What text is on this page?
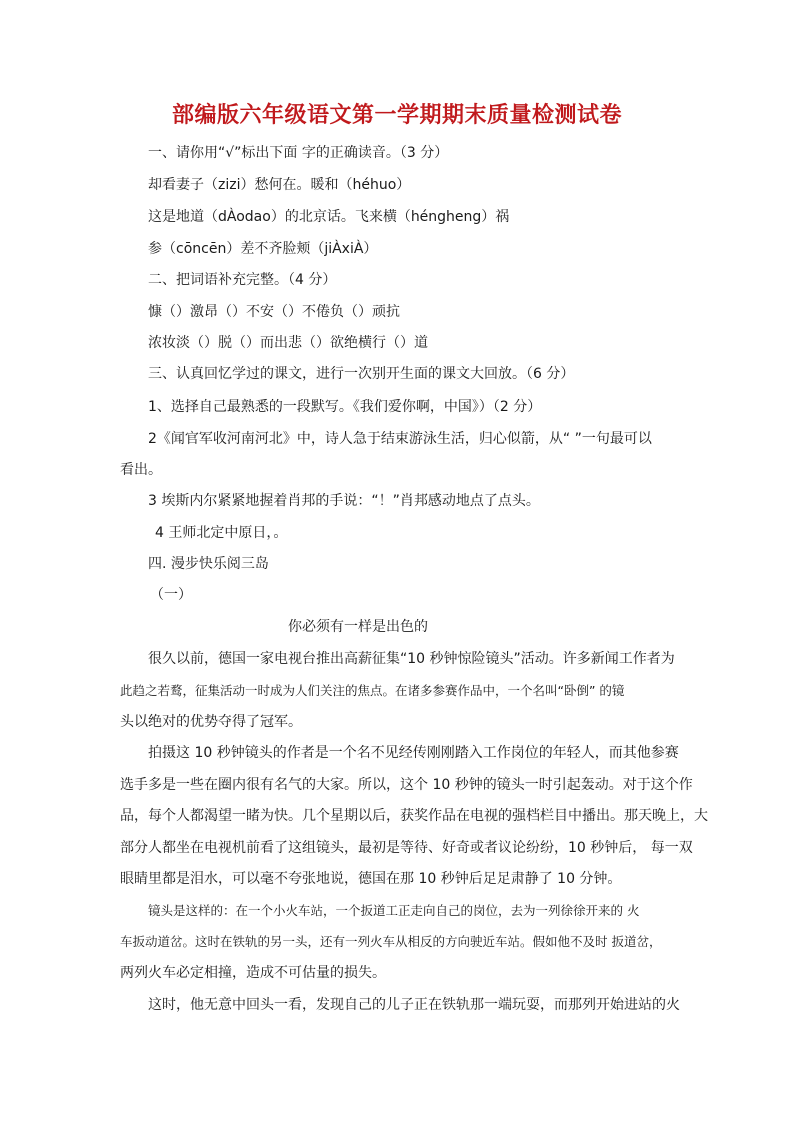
部编版六年级语文第一学期期末质量检测试卷
一、请你用“√”标出下面 字的正确读音。（3 分）
却看妻子（zizi）愁何在。暖和（héhuo）
这是地道（dÀodao）的北京话。飞来横（héngheng）祸
参（cōncēn）差不齐脸颊（jiÀxiÀ）
二、把词语补充完整。（4 分）
慷（）激昂（）不安（）不倦负（）顽抗
浓妆淡（）脱（）而出悲（）欲绝横行（）道
三、认真回忆学过的课文，进行一次别开生面的课文大回放。（6 分）
1、选择自己最熟悉的一段默写。《我们爱你啊，中国》）（2 分）
2《闻官军收河南河北》中，诗人急于结束游泳生活，归心似箭，从“ ”一句最可以
看出。
3 埃斯内尔紧紧地握着肖邦的手说：“！”肖邦感动地点了点头。
4 王师北定中原日，。
四. 漫步快乐阅三岛
（一）
你必须有一样是出色的
很久以前，德国一家电视台推出高薪征集“10 秒钟惊险镜头”活动。许多新闻工作者为
此趋之若鹜，征集活动一时成为人们关注的焦点。在诸多参赛作品中，一个名叫“卧倒” 的镜
头以绝对的优势夺得了冠军。
拍摄这 10 秒钟镜头的作者是一个名不见经传刚刚踏入工作岗位的年轻人，而其他参赛
选手多是一些在圈内很有名气的大家。所以，这个 10 秒钟的镜头一时引起轰动。对于这个作
品，每个人都渴望一睹为快。几个星期以后，获奖作品在电视的强档栏目中播出。那天晚上，大
部分人都坐在电视机前看了这组镜头，最初是等待、好奇或者议论纷纷，10 秒钟后， 每一双
眼睛里都是泪水，可以毫不夸张地说，德国在那 10 秒钟后足足肃静了 10 分钟。
镜头是这样的：在一个小火车站，一个扳道工正走向自己的岗位，去为一列徐徐开来的 火
车扳动道岔。这时在铁轨的另一头，还有一列火车从相反的方向驶近车站。假如他不及时 扳道岔，
两列火车必定相撞，造成不可估量的损失。
这时，他无意中回头一看，发现自己的儿子正在铁轨那一端玩耍，而那列开始进站的火
